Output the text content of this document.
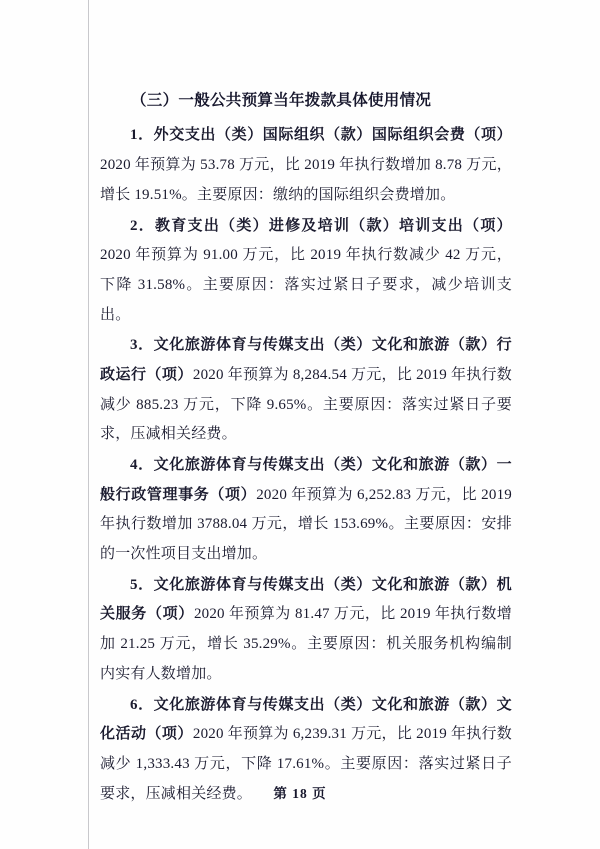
（三）一般公共预算当年拨款具体使用情况

1．外交支出（类）国际组织（款）国际组织会费（项）2020 年预算为 53.78 万元，比 2019 年执行数增加 8.78 万元，增长 19.51%。主要原因：缴纳的国际组织会费增加。

2．教育支出（类）进修及培训（款）培训支出（项）2020 年预算为 91.00 万元，比 2019 年执行数减少 42 万元，下降 31.58%。主要原因：落实过紧日子要求，减少培训支出。

3．文化旅游体育与传媒支出（类）文化和旅游（款）行政运行（项）2020 年预算为 8,284.54 万元，比 2019 年执行数减少 885.23 万元，下降 9.65%。主要原因：落实过紧日子要求，压减相关经费。

4．文化旅游体育与传媒支出（类）文化和旅游（款）一般行政管理事务（项）2020 年预算为 6,252.83 万元，比 2019 年执行数增加 3788.04 万元，增长 153.69%。主要原因：安排的一次性项目支出增加。

5．文化旅游体育与传媒支出（类）文化和旅游（款）机关服务（项）2020 年预算为 81.47 万元，比 2019 年执行数增加 21.25 万元，增长 35.29%。主要原因：机关服务机构编制内实有人数增加。

6．文化旅游体育与传媒支出（类）文化和旅游（款）文化活动（项）2020 年预算为 6,239.31 万元，比 2019 年执行数减少 1,333.43 万元，下降 17.61%。主要原因：落实过紧日子要求，压减相关经费。	第 18 页
